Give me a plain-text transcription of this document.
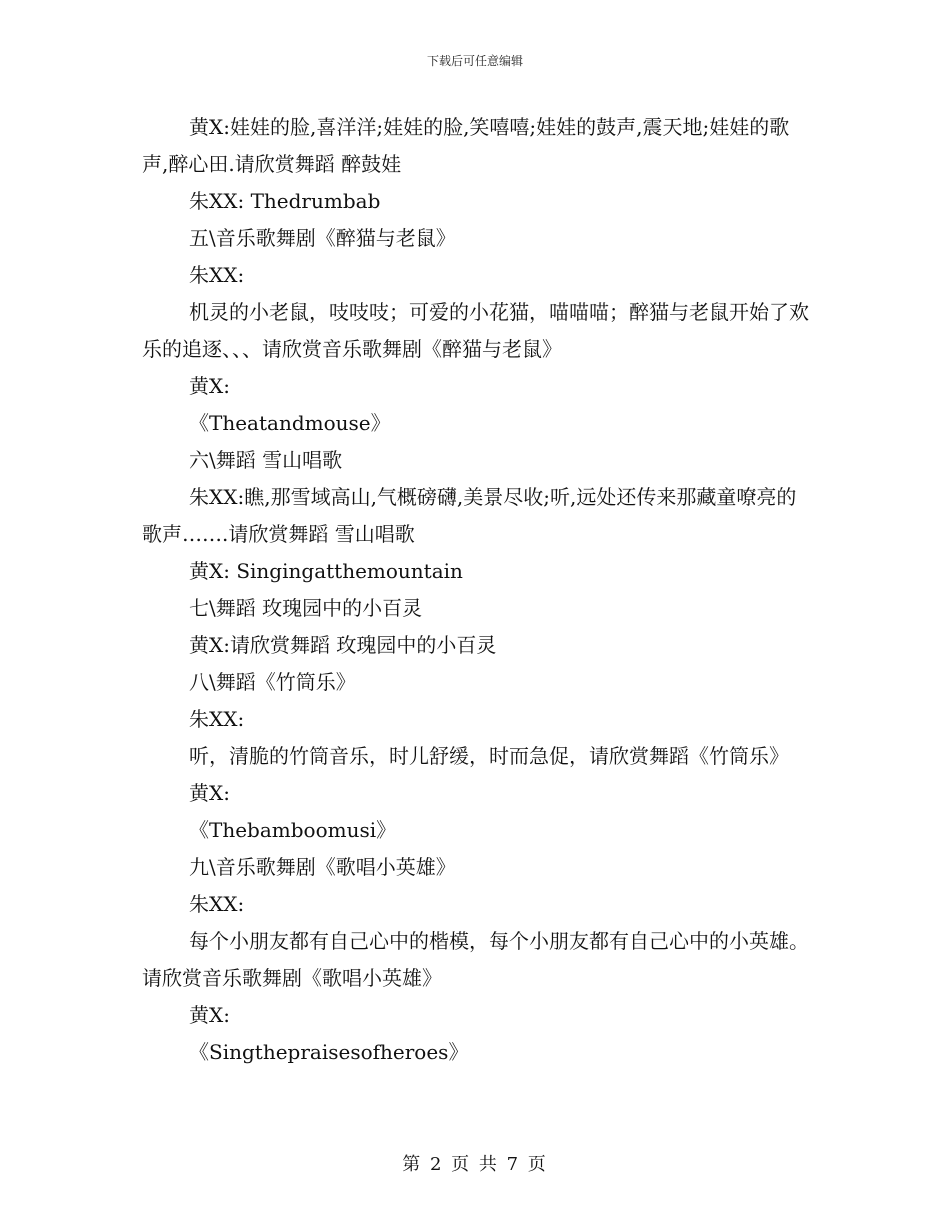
下载后可任意编辑

黄X:娃娃的脸,喜洋洋;娃娃的脸,笑嘻嘻;娃娃的鼓声,震天地;娃娃的歌声,醉心田.请欣赏舞蹈 醉鼓娃

朱XX: Thedrumbab

五\音乐歌舞剧《醉猫与老鼠》

朱XX:

机灵的小老鼠，吱吱吱；可爱的小花猫，喵喵喵；醉猫与老鼠开始了欢乐的追逐、、、请欣赏音乐歌舞剧《醉猫与老鼠》

黄X:

《Theatandmouse》

六\舞蹈 雪山唱歌

朱XX:瞧,那雪域高山,气概磅礴,美景尽收;听,远处还传来那藏童嘹亮的歌声…….请欣赏舞蹈 雪山唱歌

黄X: Singingatthemountain

七\舞蹈 玫瑰园中的小百灵

黄X:请欣赏舞蹈 玫瑰园中的小百灵

八\舞蹈《竹筒乐》

朱XX:

听，清脆的竹筒音乐，时儿舒缓，时而急促，请欣赏舞蹈《竹筒乐》

黄X:

《Thebamboomusi》

九\音乐歌舞剧《歌唱小英雄》

朱XX:

每个小朋友都有自己心中的楷模，每个小朋友都有自己心中的小英雄。请欣赏音乐歌舞剧《歌唱小英雄》

黄X:

《Singthepraisesofheroes》

第 2 页 共 7 页
